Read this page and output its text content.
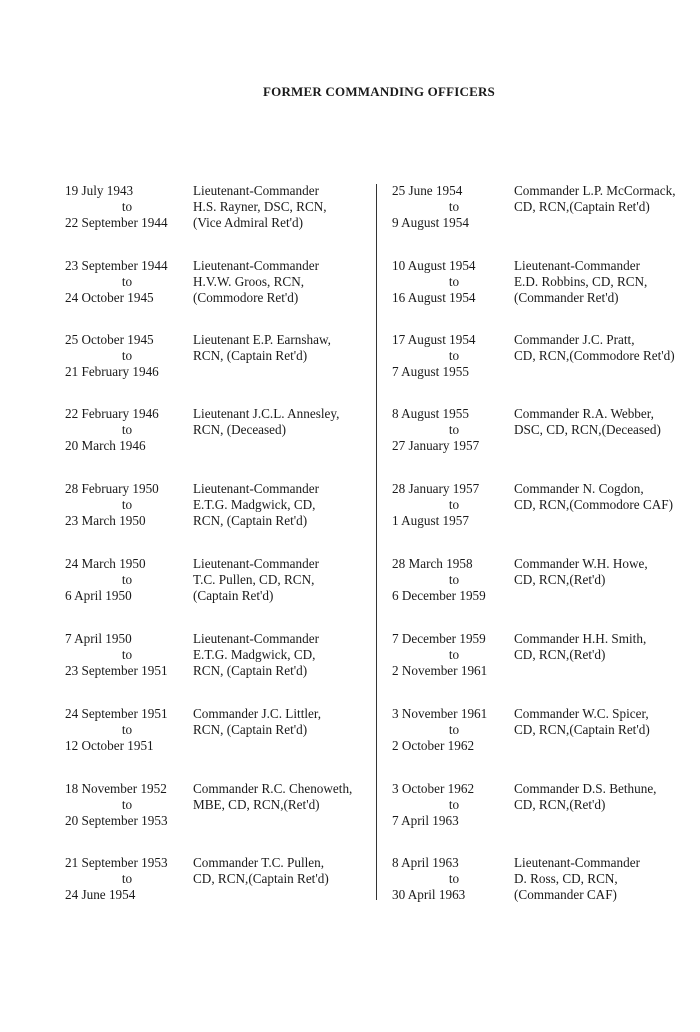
FORMER COMMANDING OFFICERS
19 July 1943
to
22 September 1944
Lieutenant-Commander
H.S. Rayner, DSC, RCN,
(Vice Admiral Ret'd)
23 September 1944
to
24 October 1945
Lieutenant-Commander
H.V.W. Groos, RCN,
(Commodore Ret'd)
25 October 1945
to
21 February 1946
Lieutenant E.P. Earnshaw,
RCN, (Captain Ret'd)
22 February 1946
to
20 March 1946
Lieutenant J.C.L. Annesley,
RCN, (Deceased)
28 February 1950
to
23 March 1950
Lieutenant-Commander
E.T.G. Madgwick, CD,
RCN, (Captain Ret'd)
24 March 1950
to
6 April 1950
Lieutenant-Commander
T.C. Pullen, CD, RCN,
(Captain Ret'd)
7 April 1950
to
23 September 1951
Lieutenant-Commander
E.T.G. Madgwick, CD,
RCN, (Captain Ret'd)
24 September 1951
to
12 October 1951
Commander J.C. Littler,
RCN, (Captain Ret'd)
18 November 1952
to
20 September 1953
Commander R.C. Chenoweth,
MBE, CD, RCN,(Ret'd)
21 September 1953
to
24 June 1954
Commander T.C. Pullen,
CD, RCN,(Captain Ret'd)
25 June 1954
to
9 August 1954
Commander L.P. McCormack,
CD, RCN,(Captain Ret'd)
10 August 1954
to
16 August 1954
Lieutenant-Commander
E.D. Robbins, CD, RCN,
(Commander Ret'd)
17 August 1954
to
7 August 1955
Commander J.C. Pratt,
CD, RCN,(Commodore Ret'd)
8 August 1955
to
27 January 1957
Commander R.A. Webber,
DSC, CD, RCN,(Deceased)
28 January 1957
to
1 August 1957
Commander N. Cogdon,
CD, RCN,(Commodore CAF)
28 March 1958
to
6 December 1959
Commander W.H. Howe,
CD, RCN,(Ret'd)
7 December 1959
to
2 November 1961
Commander H.H. Smith,
CD, RCN,(Ret'd)
3 November 1961
to
2 October 1962
Commander W.C. Spicer,
CD, RCN,(Captain Ret'd)
3 October 1962
to
7 April 1963
Commander D.S. Bethune,
CD, RCN,(Ret'd)
8 April 1963
to
30 April 1963
Lieutenant-Commander
D. Ross, CD, RCN,
(Commander CAF)
